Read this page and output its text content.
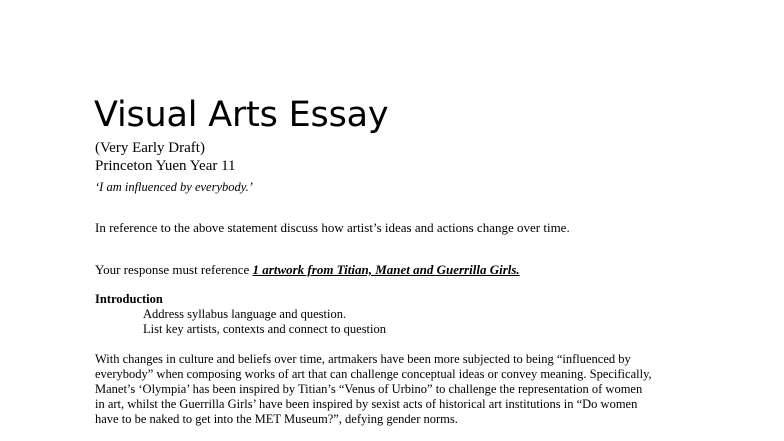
Visual Arts Essay
(Very Early Draft)
Princeton Yuen Year 11
‘I am influenced by everybody.’
In reference to the above statement discuss how artist’s ideas and actions change over time.
Your response must reference 1 artwork from Titian, Manet and Guerrilla Girls.
Introduction
Address syllabus language and question.
List key artists, contexts and connect to question

With changes in culture and beliefs over time, artmakers have been more subjected to being “influenced by
everybody” when composing works of art that can challenge conceptual ideas or convey meaning. Specifically,
Manet’s ‘Olympia’ has been inspired by Titian’s “Venus of Urbino” to challenge the representation of women
in art, whilst the Guerrilla Girls’ have been inspired by sexist acts of historical art institutions in “Do women
have to be naked to get into the MET Museum?”, defying gender norms.
